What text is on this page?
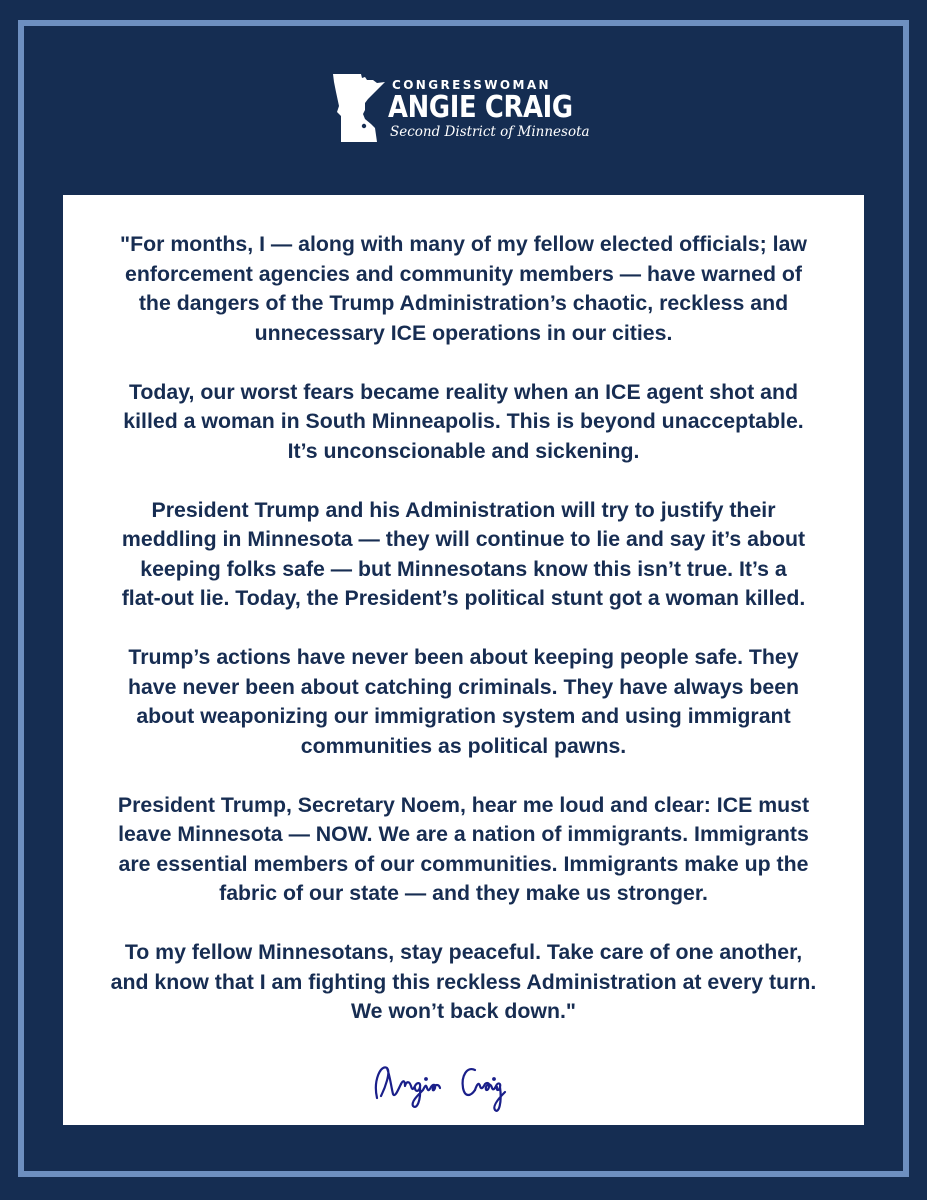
CONGRESSWOMAN
ANGIE CRAIG
Second District of Minnesota

"For months, I — along with many of my fellow elected officials; law
enforcement agencies and community members — have warned of
the dangers of the Trump Administration’s chaotic, reckless and
unnecessary ICE operations in our cities.

Today, our worst fears became reality when an ICE agent shot and
killed a woman in South Minneapolis. This is beyond unacceptable.
It’s unconscionable and sickening.

President Trump and his Administration will try to justify their
meddling in Minnesota — they will continue to lie and say it’s about
keeping folks safe — but Minnesotans know this isn’t true. It’s a
flat-out lie. Today, the President’s political stunt got a woman killed.

Trump’s actions have never been about keeping people safe. They
have never been about catching criminals. They have always been
about weaponizing our immigration system and using immigrant
communities as political pawns.

President Trump, Secretary Noem, hear me loud and clear: ICE must
leave Minnesota — NOW. We are a nation of immigrants. Immigrants
are essential members of our communities. Immigrants make up the
fabric of our state — and they make us stronger.

To my fellow Minnesotans, stay peaceful. Take care of one another,
and know that I am fighting this reckless Administration at every turn.
We won’t back down."
